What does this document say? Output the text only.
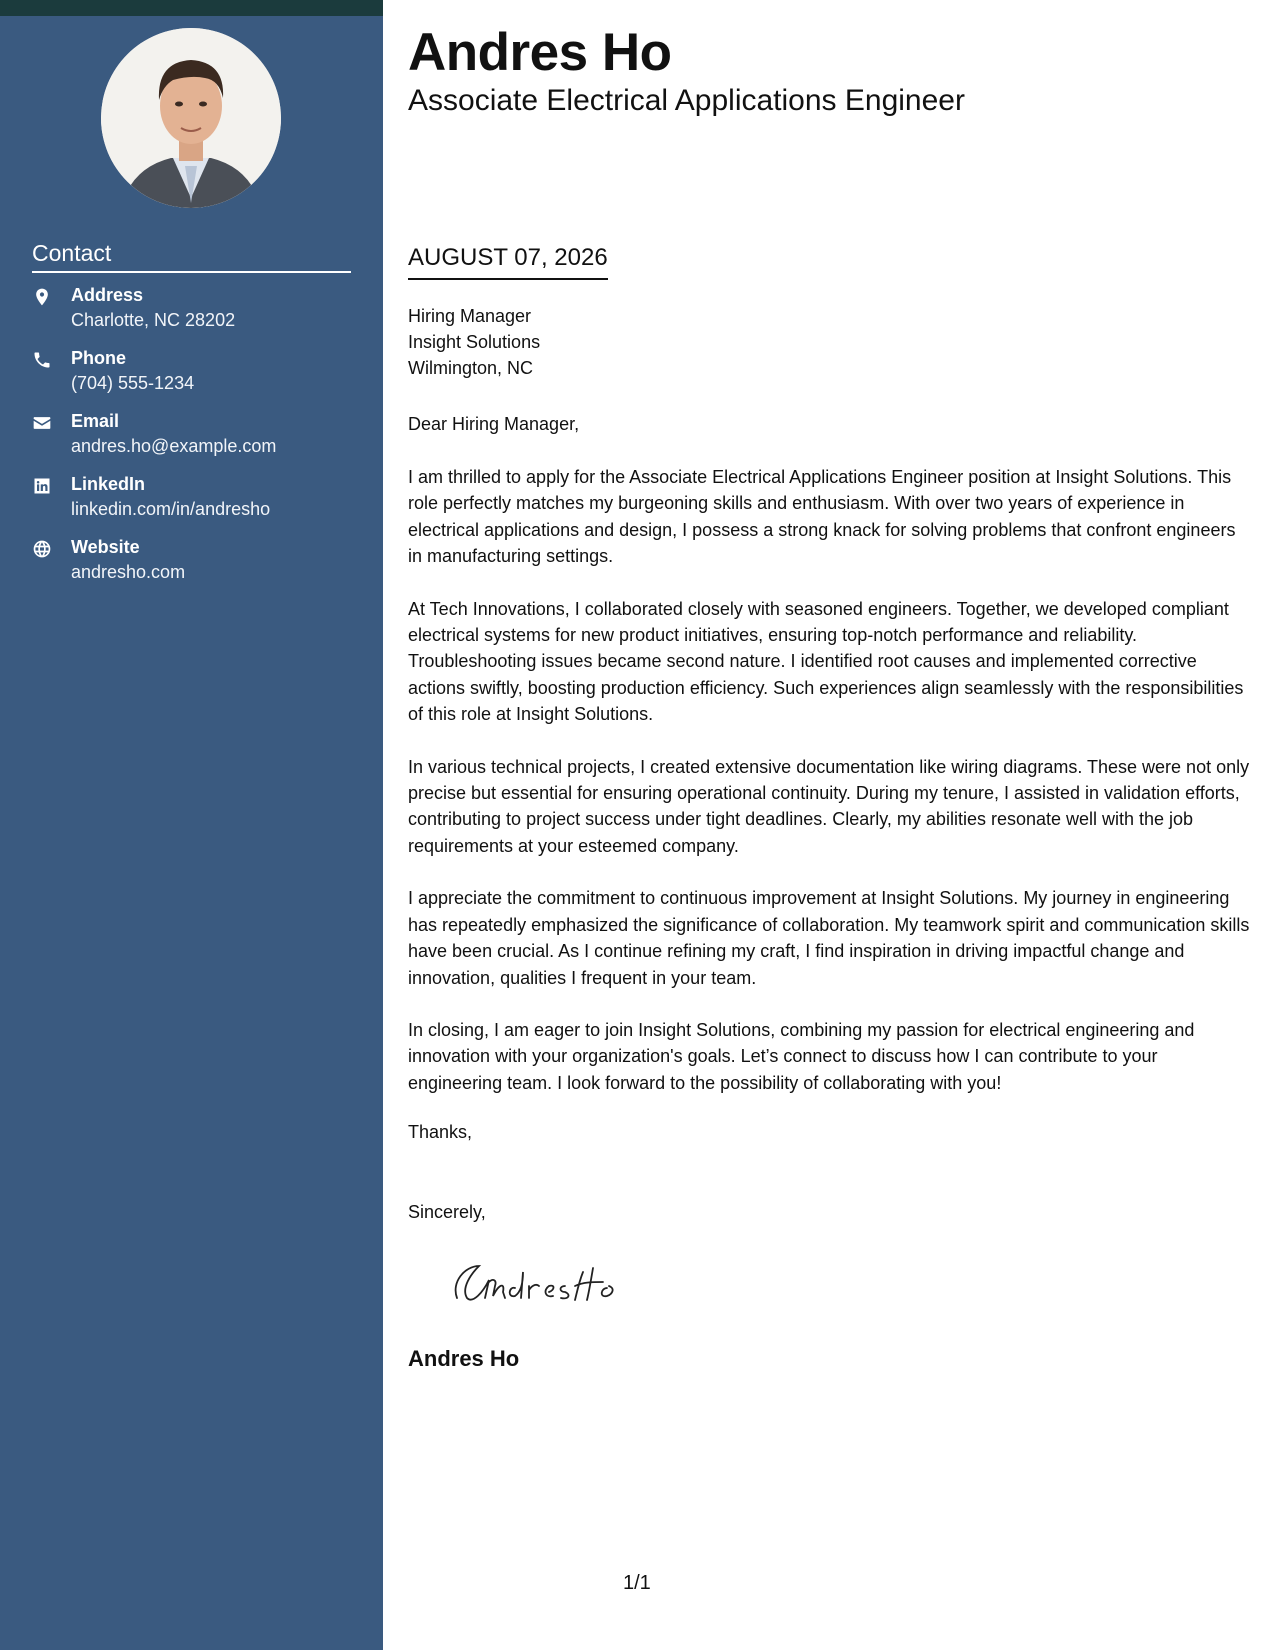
Contact
Address
Charlotte, NC 28202
Phone
(704) 555-1234
Email
andres.ho@example.com
LinkedIn
linkedin.com/in/andresho
Website
andresho.com
Andres Ho
Associate Electrical Applications Engineer
AUGUST 07, 2026
Hiring Manager
Insight Solutions
Wilmington, NC
Dear Hiring Manager,

I am thrilled to apply for the Associate Electrical Applications Engineer position at Insight Solutions. This role perfectly matches my burgeoning skills and enthusiasm. With over two years of experience in electrical applications and design, I possess a strong knack for solving problems that confront engineers in manufacturing settings.

At Tech Innovations, I collaborated closely with seasoned engineers. Together, we developed compliant electrical systems for new product initiatives, ensuring top-notch performance and reliability. Troubleshooting issues became second nature. I identified root causes and implemented corrective actions swiftly, boosting production efficiency. Such experiences align seamlessly with the responsibilities of this role at Insight Solutions.

In various technical projects, I created extensive documentation like wiring diagrams. These were not only precise but essential for ensuring operational continuity. During my tenure, I assisted in validation efforts, contributing to project success under tight deadlines. Clearly, my abilities resonate well with the job requirements at your esteemed company.

I appreciate the commitment to continuous improvement at Insight Solutions. My journey in engineering has repeatedly emphasized the significance of collaboration. My teamwork spirit and communication skills have been crucial. As I continue refining my craft, I find inspiration in driving impactful change and innovation, qualities I frequent in your team.

In closing, I am eager to join Insight Solutions, combining my passion for electrical engineering and innovation with your organization's goals. Let’s connect to discuss how I can contribute to your engineering team. I look forward to the possibility of collaborating with you!

Thanks,
Sincerely,
Andres Ho
1/1
